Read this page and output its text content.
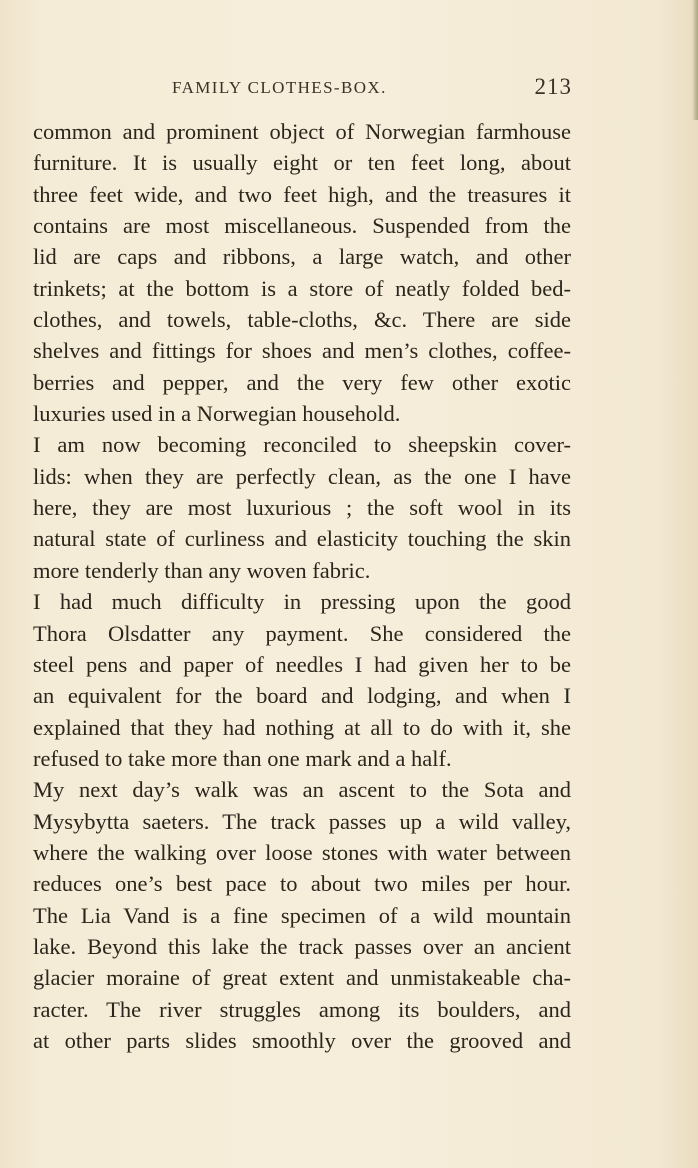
FAMILY CLOTHES-BOX.	213
common and prominent object of Norwegian farmhouse
furniture. It is usually eight or ten feet long, about
three feet wide, and two feet high, and the treasures it
contains are most miscellaneous. Suspended from the
lid are caps and ribbons, a large watch, and other
trinkets; at the bottom is a store of neatly folded bed-
clothes, and towels, table-cloths, &c. There are side
shelves and fittings for shoes and men’s clothes, coffee-
berries and pepper, and the very few other exotic
luxuries used in a Norwegian household.
I am now becoming reconciled to sheepskin cover-
lids: when they are perfectly clean, as the one I have
here, they are most luxurious ; the soft wool in its
natural state of curliness and elasticity touching the skin
more tenderly than any woven fabric.
I had much difficulty in pressing upon the good
Thora Olsdatter any payment. She considered the
steel pens and paper of needles I had given her to be
an equivalent for the board and lodging, and when I
explained that they had nothing at all to do with it, she
refused to take more than one mark and a half.
My next day’s walk was an ascent to the Sota and
Mysybytta saeters. The track passes up a wild valley,
where the walking over loose stones with water between
reduces one’s best pace to about two miles per hour.
The Lia Vand is a fine specimen of a wild mountain
lake. Beyond this lake the track passes over an ancient
glacier moraine of great extent and unmistakeable cha-
racter. The river struggles among its boulders, and
at other parts slides smoothly over the grooved and
